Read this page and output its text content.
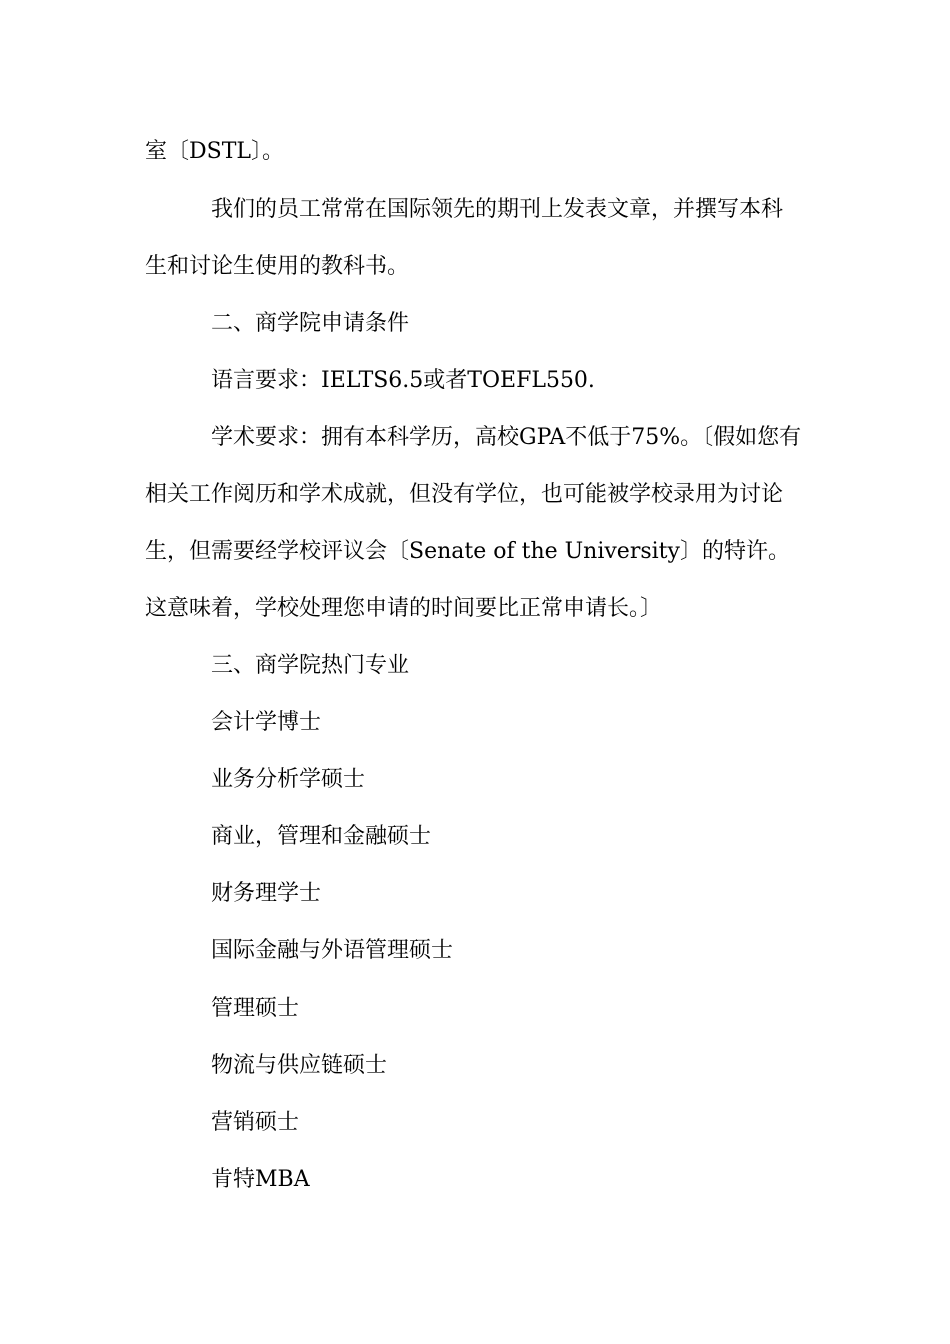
室〔DSTL〕。
我们的员工常常在国际领先的期刊上发表文章，并撰写本科
生和讨论生使用的教科书。
二、商学院申请条件
语言要求：IELTS6.5或者TOEFL550.
学术要求：拥有本科学历，高校GPA不低于75%。〔假如您有
相关工作阅历和学术成就，但没有学位，也可能被学校录用为讨论
生，但需要经学校评议会〔Senate of the University〕的特许。
这意味着，学校处理您申请的时间要比正常申请长。〕
三、商学院热门专业
会计学博士
业务分析学硕士
商业，管理和金融硕士
财务理学士
国际金融与外语管理硕士
管理硕士
物流与供应链硕士
营销硕士
肯特MBA
